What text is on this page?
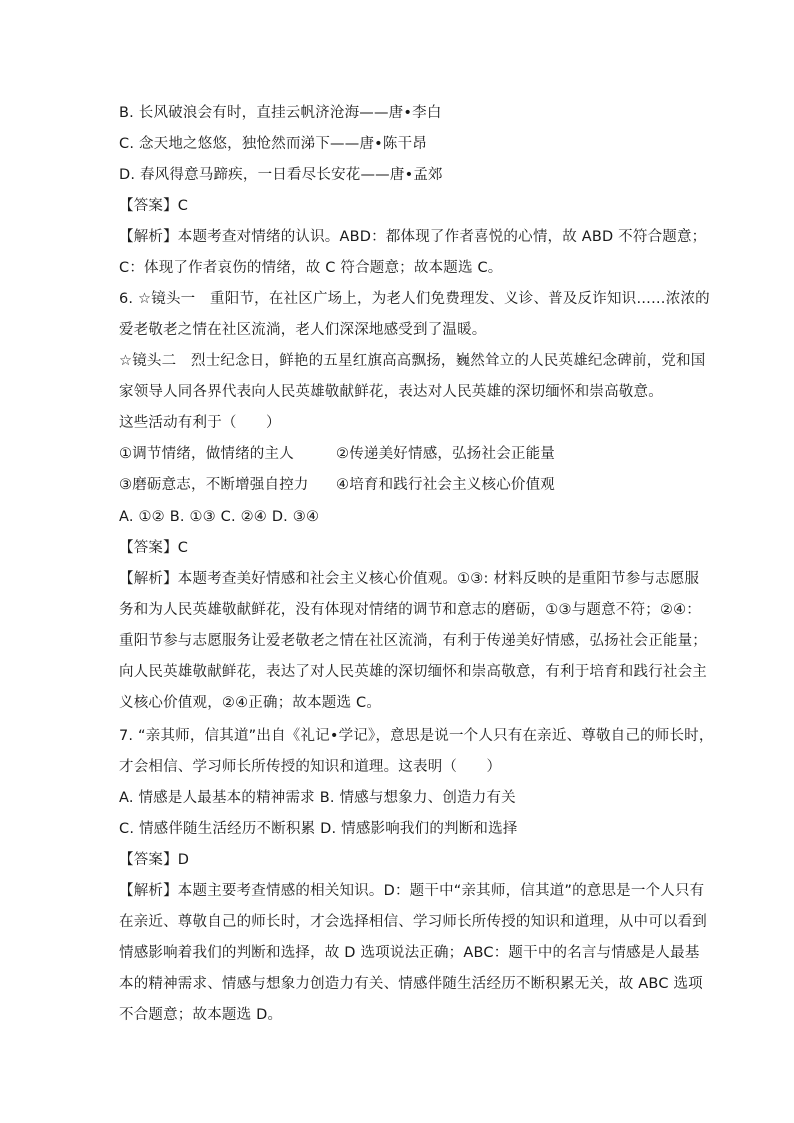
B. 长风破浪会有时，直挂云帆济沧海——唐•李白
C. 念天地之悠悠，独怆然而涕下——唐•陈干昂
D. 春风得意马蹄疾，一日看尽长安花——唐•孟郊
【答案】C
【解析】本题考查对情绪的认识。ABD：都体现了作者喜悦的心情，故 ABD 不符合题意；
C：体现了作者哀伤的情绪，故 C 符合题意；故本题选 C。
6. ☆镜头一　重阳节，在社区广场上，为老人们免费理发、义诊、普及反诈知识……浓浓的
爱老敬老之情在社区流淌，老人们深深地感受到了温暖。
☆镜头二　烈士纪念日，鲜艳的五星红旗高高飘扬，巍然耸立的人民英雄纪念碑前，党和国
家领导人同各界代表向人民英雄敬献鲜花，表达对人民英雄的深切缅怀和崇高敬意。
这些活动有利于（　　）
①调节情绪，做情绪的主人	②传递美好情感，弘扬社会正能量
③磨砺意志，不断增强自控力 ④培育和践行社会主义核心价值观
A. ①② B. ①③ C. ②④ D. ③④
【答案】C
【解析】本题考查美好情感和社会主义核心价值观。①③: 材料反映的是重阳节参与志愿服
务和为人民英雄敬献鲜花，没有体现对情绪的调节和意志的磨砺，①③与题意不符；②④：
重阳节参与志愿服务让爱老敬老之情在社区流淌，有利于传递美好情感，弘扬社会正能量；
向人民英雄敬献鲜花，表达了对人民英雄的深切缅怀和崇高敬意，有利于培育和践行社会主
义核心价值观，②④正确；故本题选 C。
7. “亲其师，信其道”出自《礼记•学记》，意思是说一个人只有在亲近、尊敬自己的师长时，
才会相信、学习师长所传授的知识和道理。这表明（　　）
A. 情感是人最基本的精神需求 B. 情感与想象力、创造力有关
C. 情感伴随生活经历不断积累 D. 情感影响我们的判断和选择
【答案】D
【解析】本题主要考查情感的相关知识。D：题干中“亲其师，信其道”的意思是一个人只有
在亲近、尊敬自己的师长时，才会选择相信、学习师长所传授的知识和道理，从中可以看到
情感影响着我们的判断和选择，故 D 选项说法正确；ABC：题干中的名言与情感是人最基
本的精神需求、情感与想象力创造力有关、情感伴随生活经历不断积累无关，故 ABC 选项
不合题意；故本题选 D。
